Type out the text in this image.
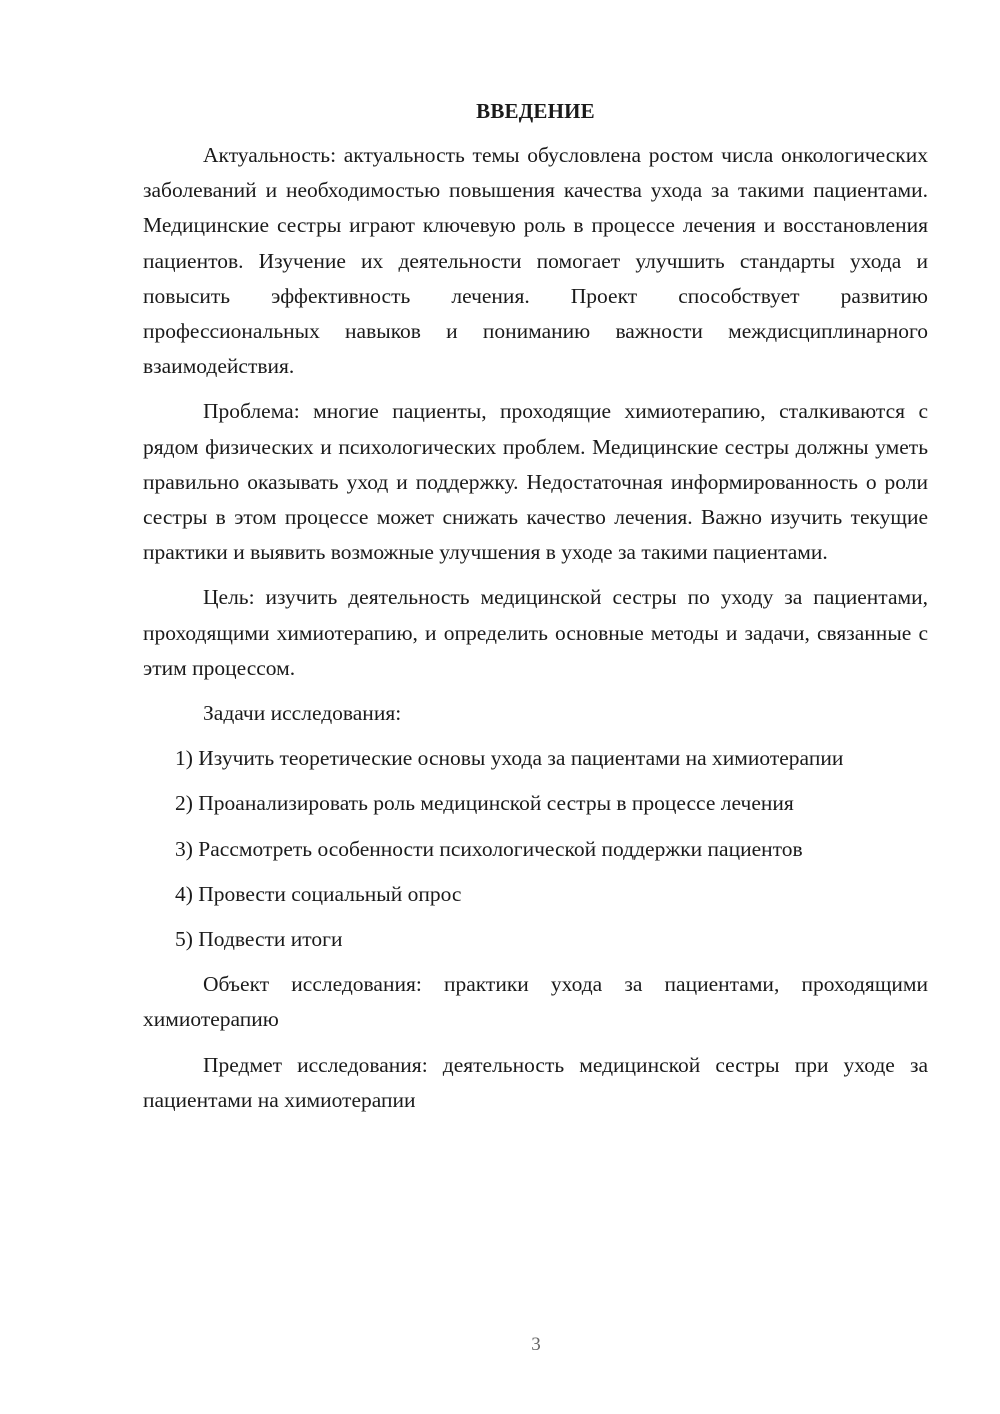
ВВЕДЕНИЕ

Актуальность: актуальность темы обусловлена ростом числа онкологических заболеваний и необходимостью повышения качества ухода за такими пациентами. Медицинские сестры играют ключевую роль в процессе лечения и восстановления пациентов. Изучение их деятельности помогает улучшить стандарты ухода и повысить эффективность лечения. Проект способствует развитию профессиональных навыков и пониманию важности междисциплинарного взаимодействия.

Проблема: многие пациенты, проходящие химиотерапию, сталкиваются с рядом физических и психологических проблем. Медицинские сестры должны уметь правильно оказывать уход и поддержку. Недостаточная информированность о роли сестры в этом процессе может снижать качество лечения. Важно изучить текущие практики и выявить возможные улучшения в уходе за такими пациентами.

Цель: изучить деятельность медицинской сестры по уходу за пациентами, проходящими химиотерапию, и определить основные методы и задачи, связанные с этим процессом.

Задачи исследования:

1) Изучить теоретические основы ухода за пациентами на химиотерапии

2) Проанализировать роль медицинской сестры в процессе лечения

3) Рассмотреть особенности психологической поддержки пациентов

4) Провести социальный опрос

5) Подвести итоги

Объект исследования: практики ухода за пациентами, проходящими химиотерапию

Предмет исследования: деятельность медицинской сестры при уходе за пациентами на химиотерапии

3
